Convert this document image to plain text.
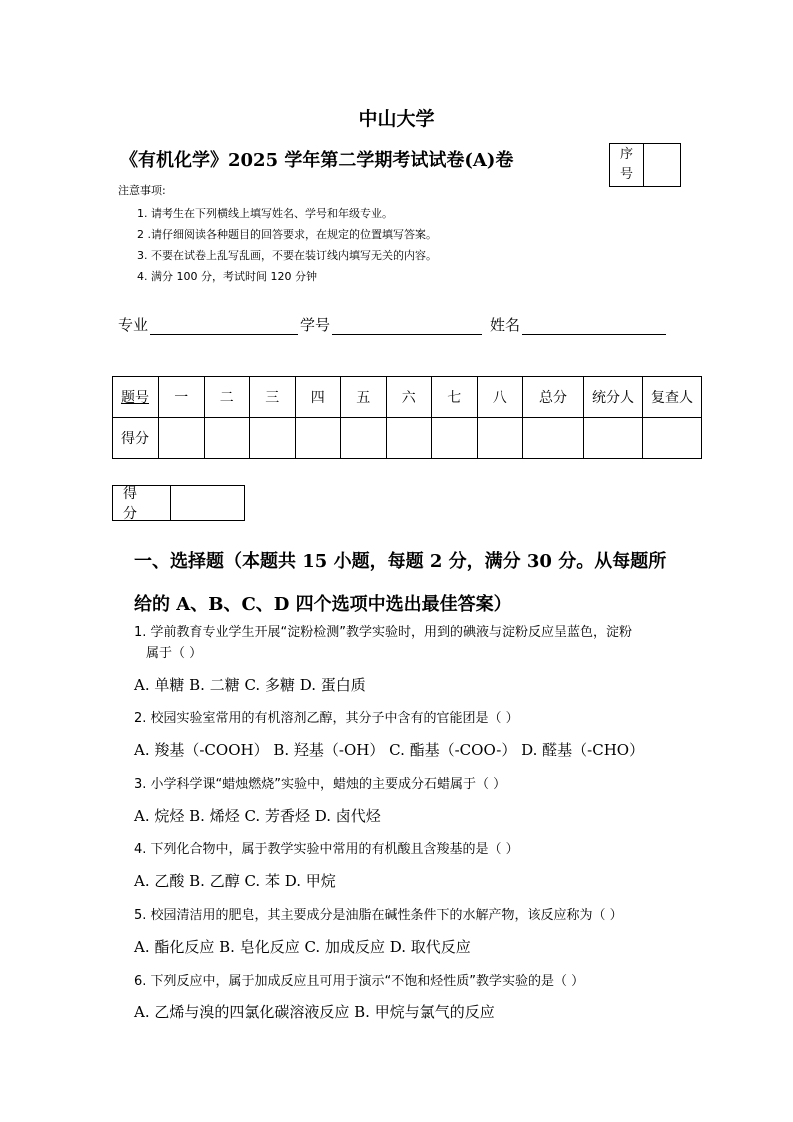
中山大学
《有机化学》2025 学年第二学期考试试卷(A)卷	序
号
注意事项:
1. 请考生在下列横线上填写姓名、学号和年级专业。
2 .请仔细阅读各种题目的回答要求，在规定的位置填写答案。
3. 不要在试卷上乱写乱画，不要在装订线内填写无关的内容。
4. 满分 100 分，考试时间 120 分钟
专业	学号	姓名
题号	一	二	三	四	五	六	七	八	总分	统分人	复查人
得分											
得 分
一、选择题（本题共 15 小题，每题 2 分，满分 30 分。从每题所给的 A、B、C、D 四个选项中选出最佳答案）
1. 学前教育专业学生开展“淀粉检测”教学实验时，用到的碘液与淀粉反应呈蓝色，淀粉
属于（ ）
A. 单糖 B. 二糖 C. 多糖 D. 蛋白质
2. 校园实验室常用的有机溶剂乙醇，其分子中含有的官能团是（ ）
A. 羧基（-COOH） B. 羟基（-OH） C. 酯基（-COO-） D. 醛基（-CHO）
3. 小学科学课“蜡烛燃烧”实验中，蜡烛的主要成分石蜡属于（ ）
A. 烷烃 B. 烯烃 C. 芳香烃 D. 卤代烃
4. 下列化合物中，属于教学实验中常用的有机酸且含羧基的是（ ）
A. 乙酸 B. 乙醇 C. 苯 D. 甲烷
5. 校园清洁用的肥皂，其主要成分是油脂在碱性条件下的水解产物，该反应称为（ ）
A. 酯化反应 B. 皂化反应 C. 加成反应 D. 取代反应
6. 下列反应中，属于加成反应且可用于演示“不饱和烃性质”教学实验的是（ ）
A. 乙烯与溴的四氯化碳溶液反应 B. 甲烷与氯气的反应
